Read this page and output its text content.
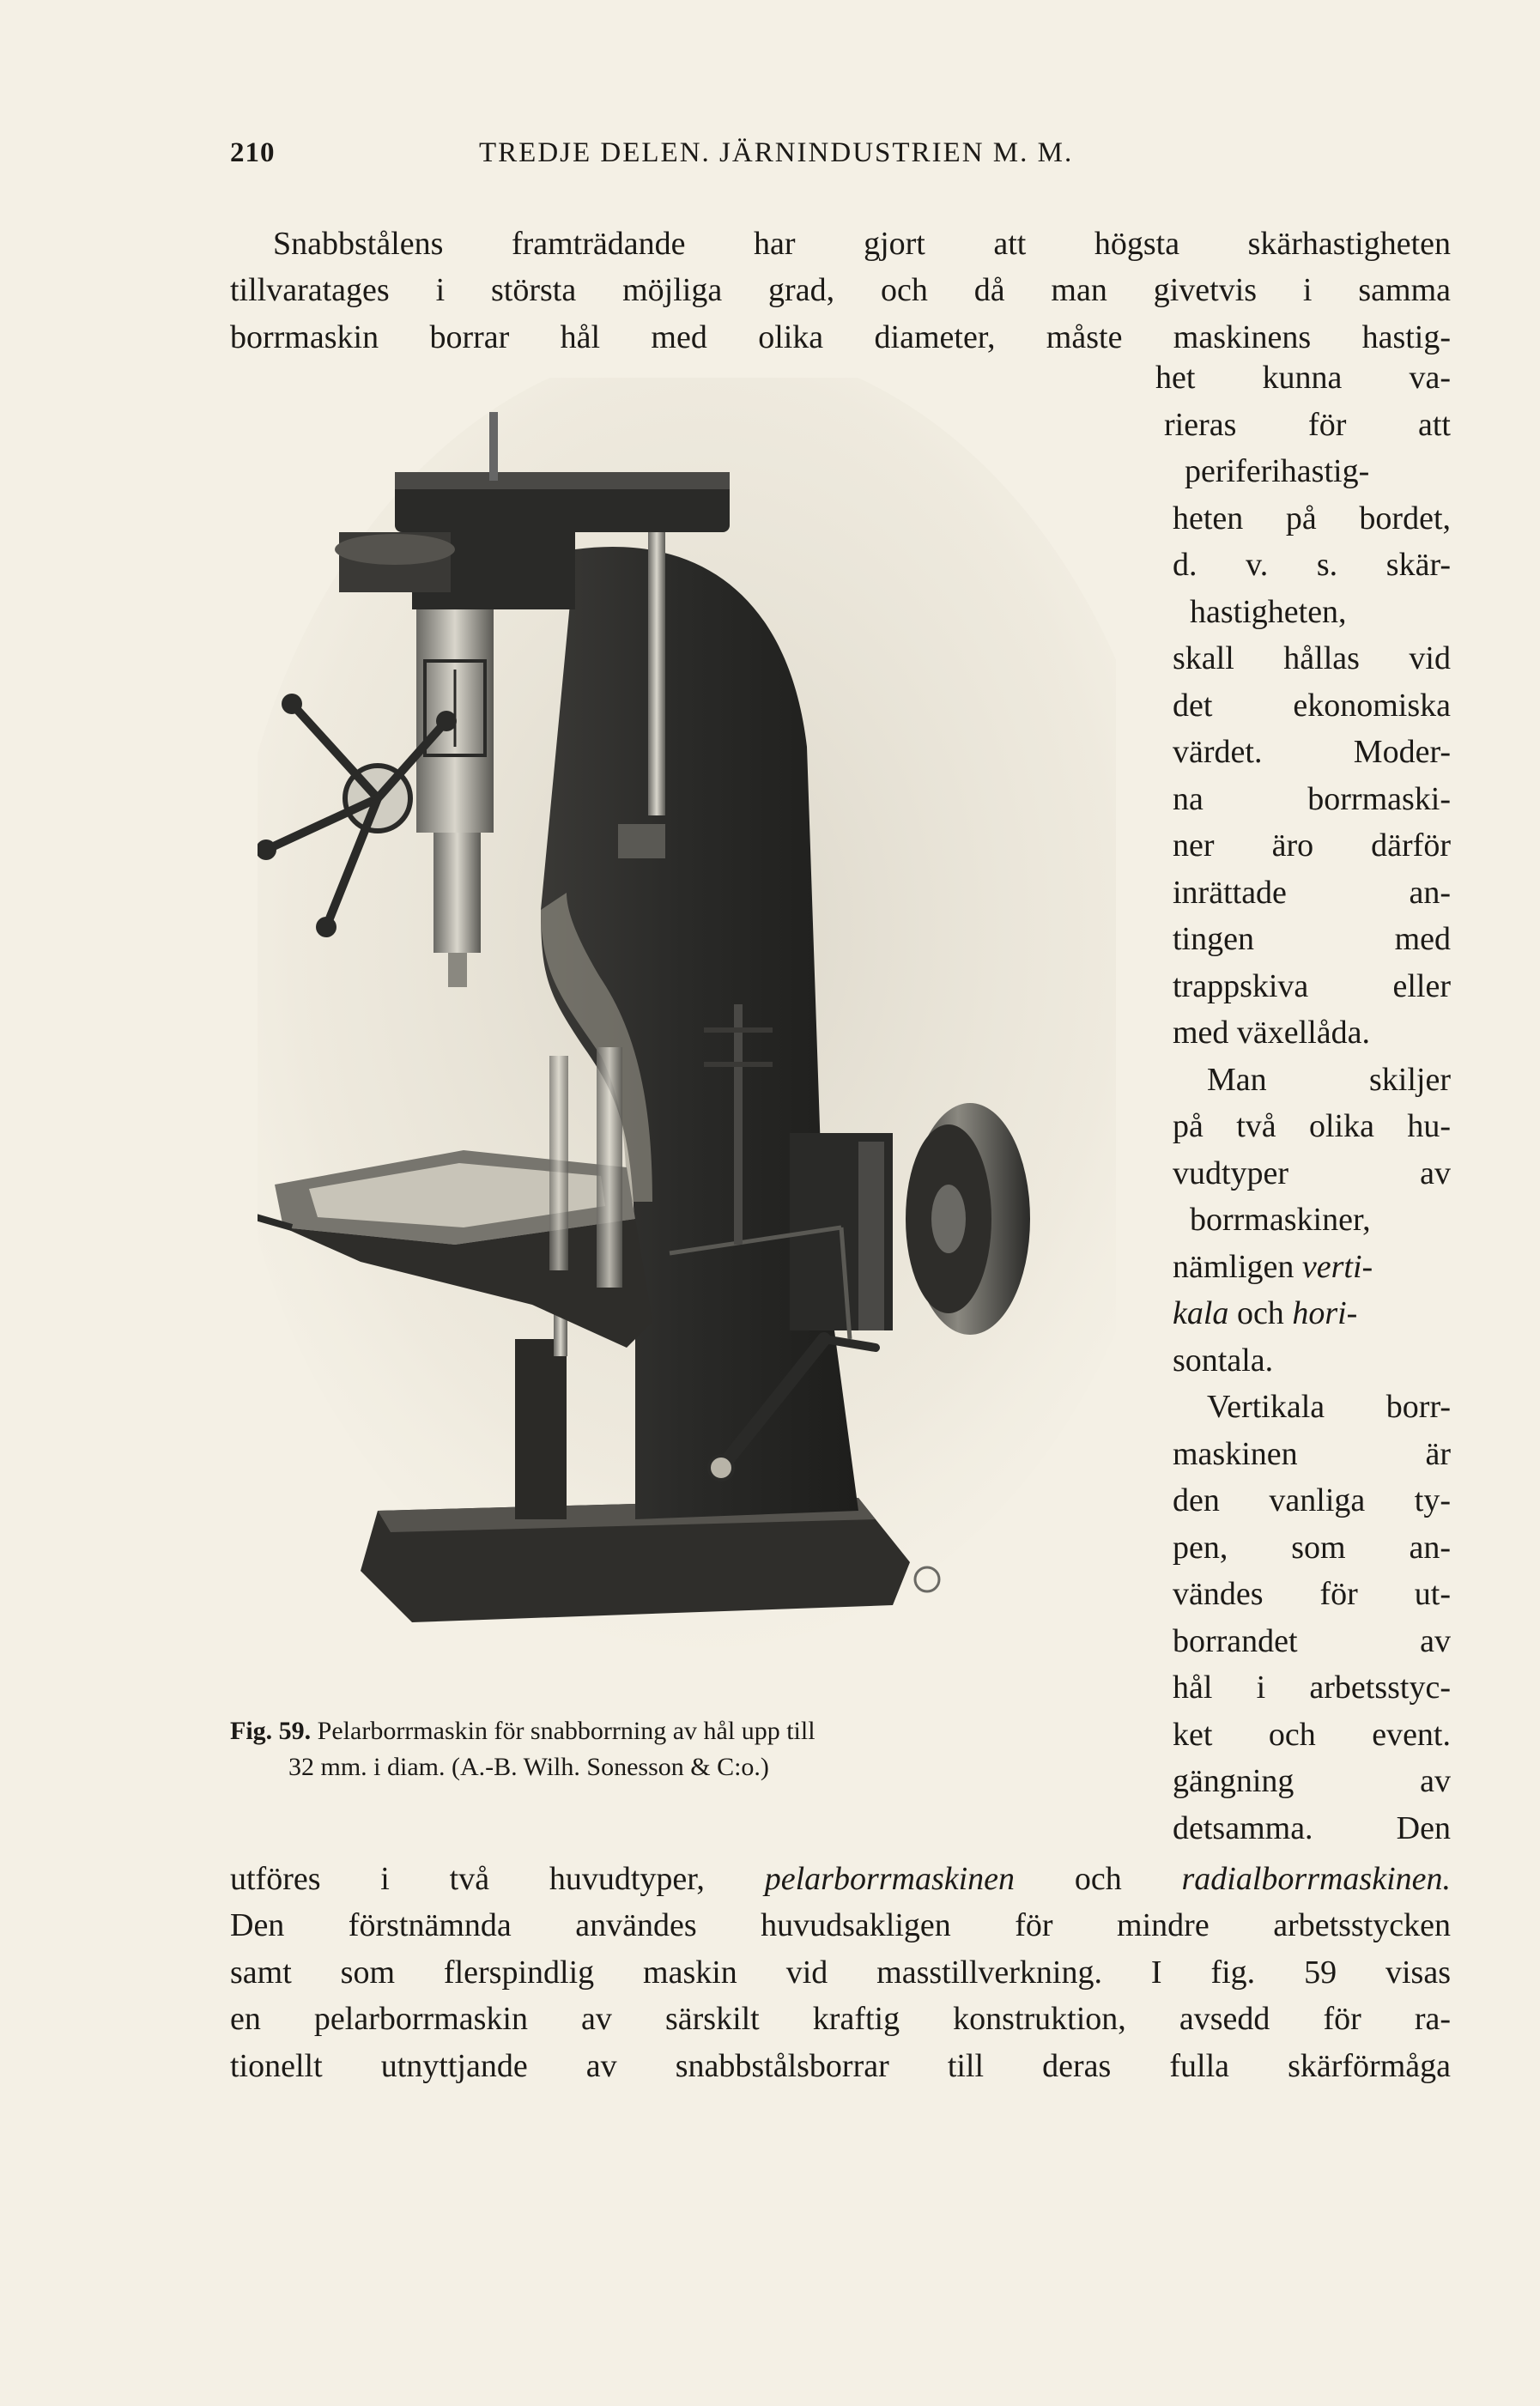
210	TREDJE DELEN. JÄRNINDUSTRIEN M. M.
Snabbstålens framträdande har gjort att högsta skärhastigheten
tillvaratages i största möjliga grad, och då man givetvis i samma
borrmaskin borrar hål med olika diameter, måste maskinens hastig-
het kunna va-
rieras för att
periferihastig-
heten på bordet,
d. v. s. skär-
hastigheten,
skall hållas vid
det ekonomiska
värdet. Moder-
na borrmaski-
ner äro därför
inrättade an-
tingen med
trappskiva eller
med växellåda.
Man skiljer
på två olika hu-
vudtyper av
borrmaskiner,
nämligen verti-
kala och hori-
sontala.
Vertikala borr-
maskinen är
den vanliga ty-
pen, som an-
vändes för ut-
borrandet av
hål i arbetsstyc-
ket och event.
gängning av
detsamma. Den
Fig. 59. Pelarborrmaskin för snabborrning av hål upp till
32 mm. i diam. (A.-B. Wilh. Sonesson & C:o.)
utföres i två huvudtyper, pelarborrmaskinen och radialborrmaskinen.
Den förstnämnda användes huvudsakligen för mindre arbetsstycken
samt som flerspindlig maskin vid masstillverkning. I fig. 59 visas
en pelarborrmaskin av särskilt kraftig konstruktion, avsedd för ra-
tionellt utnyttjande av snabbstålsborrar till deras fulla skärförmåga
